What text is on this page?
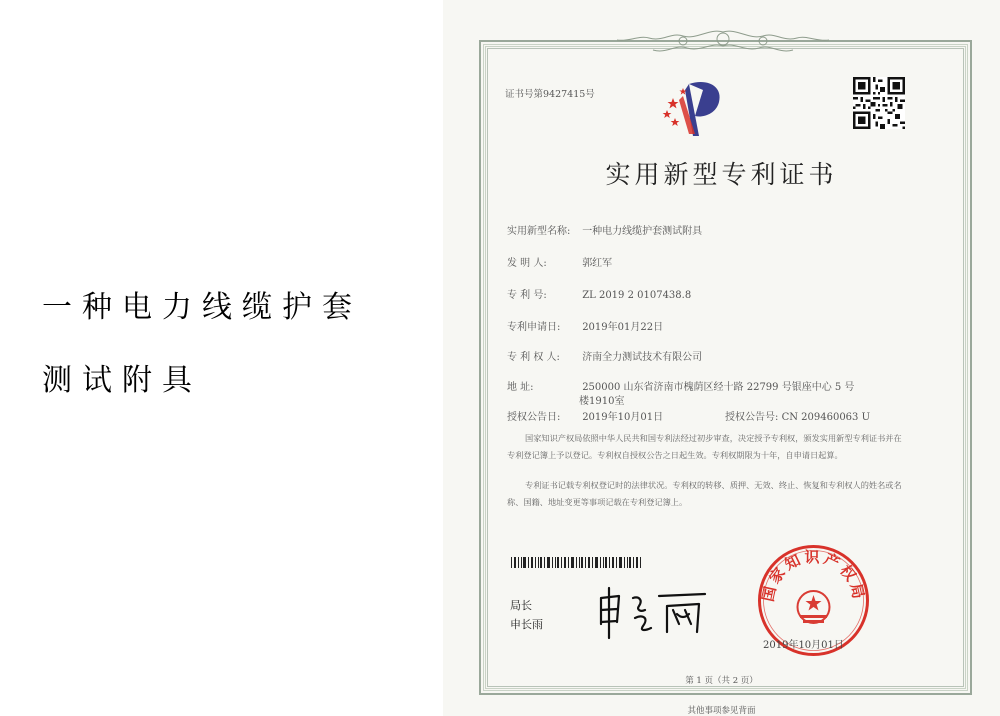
一种电力线缆护套
测试附具
证书号第9427415号
实用新型专利证书
实用新型名称: 一种电力线缆护套测试附具
发 明 人:	郭红军
专 利 号:	ZL 2019 2 0107438.8
专利申请日: 2019年01月22日
专 利 权 人: 济南全力测试技术有限公司
地 址:	250000 山东省济南市槐荫区经十路 22799 号银座中心 5 号
楼1910室
授权公告日: 2019年10月01日	授权公告号: CN 209460063 U
国家知识产权局依照中华人民共和国专利法经过初步审查，决定授予专利权，颁发实用新型专利证书并在专利登记簿上予以登记。专利权自授权公告之日起生效。专利权期限为十年，自申请日起算。
专利证书记载专利权登记时的法律状况。专利权的转移、质押、无效、终止、恢复和专利权人的姓名或名称、国籍、地址变更等事项记载在专利登记簿上。
局长
申长雨
国家知识产权局
2019年10月01日
第 1 页（共 2 页）
其他事项参见背面
